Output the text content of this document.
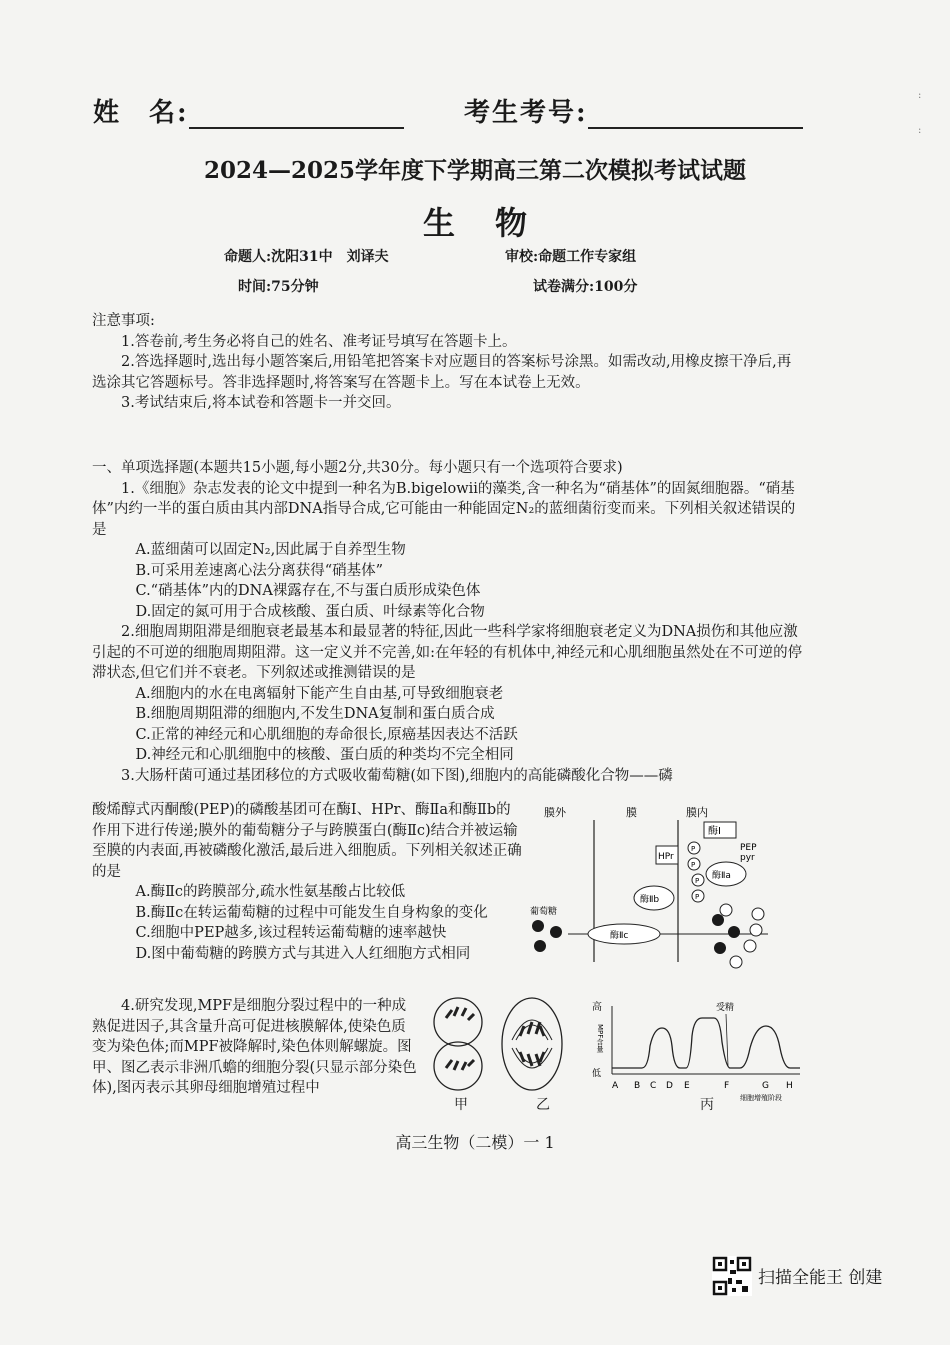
姓　名:	考生考号:
2024—2025学年度下学期高三第二次模拟考试试题
生物
命题人:沈阳31中　刘译夫	审校:命题工作专家组
时间:75分钟	试卷满分:100分
:
:

注意事项:

1.答卷前,考生务必将自己的姓名、准考证号填写在答题卡上。

2.答选择题时,选出每小题答案后,用铅笔把答案卡对应题目的答案标号涂黑。如需改动,用橡皮擦干净后,再选涂其它答题标号。答非选择题时,将答案写在答题卡上。写在本试卷上无效。

3.考试结束后,将本试卷和答题卡一并交回。

一、单项选择题(本题共15小题,每小题2分,共30分。每小题只有一个选项符合要求)

1.《细胞》杂志发表的论文中提到一种名为B.bigelowii的藻类,含一种名为“硝基体”的固氮细胞器。“硝基体”内约一半的蛋白质由其内部DNA指导合成,它可能由一种能固定N₂的蓝细菌衍变而来。下列相关叙述错误的是

A.蓝细菌可以固定N₂,因此属于自养型生物

B.可采用差速离心法分离获得“硝基体”

C.“硝基体”内的DNA裸露存在,不与蛋白质形成染色体

D.固定的氮可用于合成核酸、蛋白质、叶绿素等化合物

2.细胞周期阻滞是细胞衰老最基本和最显著的特征,因此一些科学家将细胞衰老定义为DNA损伤和其他应激引起的不可逆的细胞周期阻滞。这一定义并不完善,如:在年轻的有机体中,神经元和心肌细胞虽然处在不可逆的停滞状态,但它们并不衰老。下列叙述或推测错误的是

A.细胞内的水在电离辐射下能产生自由基,可导致细胞衰老

B.细胞周期阻滞的细胞内,不发生DNA复制和蛋白质合成

C.正常的神经元和心肌细胞的寿命很长,原癌基因表达不活跃

D.神经元和心肌细胞中的核酸、蛋白质的种类均不完全相同

3.大肠杆菌可通过基团移位的方式吸收葡萄糖(如下图),细胞内的高能磷酸化合物——磷

酸烯醇式丙酮酸(PEP)的磷酸基团可在酶Ⅰ、HPr、酶Ⅱa和酶Ⅱb的作用下进行传递;膜外的葡萄糖分子与跨膜蛋白(酶Ⅱc)结合并被运输至膜的内表面,再被磷酸化激活,最后进入细胞质。下列相关叙述正确的是

A.酶Ⅱc的跨膜部分,疏水性氨基酸占比较低

B.酶Ⅱc在转运葡萄糖的过程中可能发生自身构象的变化

C.细胞中PEP越多,该过程转运葡萄糖的速率越快

D.图中葡萄糖的跨膜方式与其进入人红细胞方式相同

膜外	膜	膜内
酶Ⅰ
PEP
pyr
HPr
酶Ⅱa
酶Ⅱb
酶Ⅱc
P
P
P
P
葡萄糖

4.研究发现,MPF是细胞分裂过程中的一种成熟促进因子,其含量升高可促进核膜解体,使染色质变为染色体;而MPF被降解时,染色体则解螺旋。图甲、图乙表示非洲爪蟾的细胞分裂(只显示部分染色体),图丙表示其卵母细胞增殖过程中

甲	乙
高
低
MPF含量
受精
A B C D E	F	G H
细胞增殖阶段
丙
高三生物（二模）一 1
扫描全能王 创建
